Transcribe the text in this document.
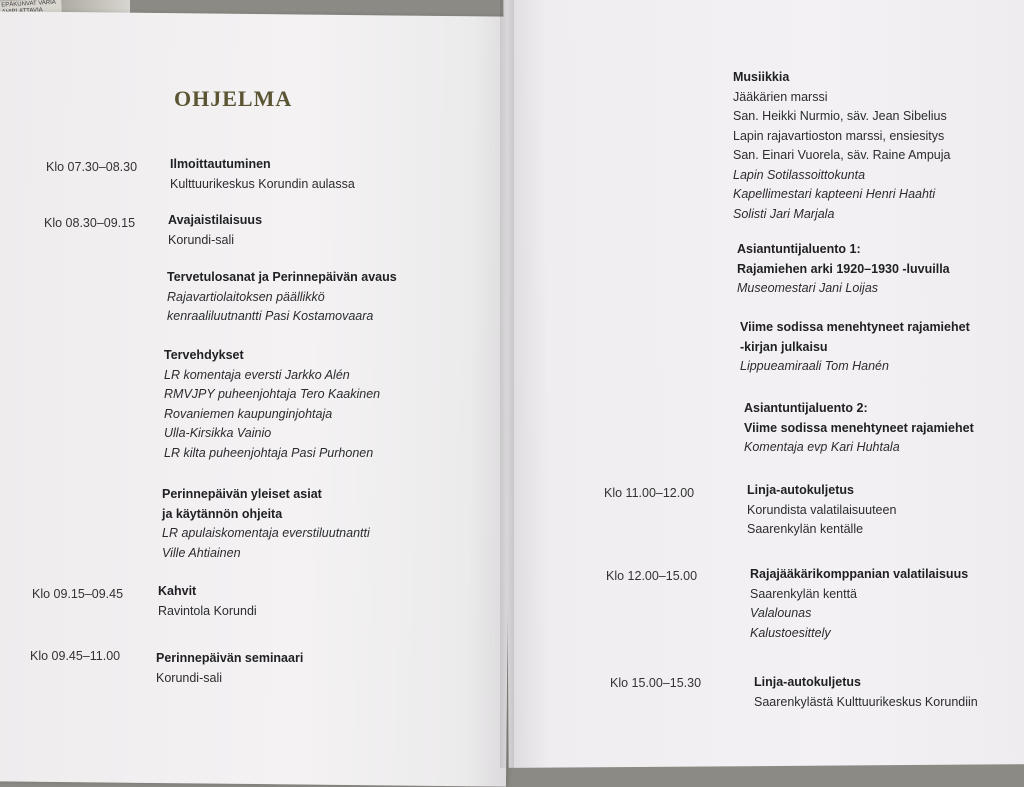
EPÄKUNVAT VARIA
OHJELMA
Klo 07.30–08.30	Ilmoittautuminen
Kulttuurikeskus Korundin aulassa
Klo 08.30–09.15	Avajaistilaisuus
Korundi-sali
Tervetulosanat ja Perinnepäivän avaus
Rajavartiolaitoksen päällikkö
kenraaliluutnantti Pasi Kostamovaara
Tervehdykset
LR komentaja eversti Jarkko Alén
RMVJPY puheenjohtaja Tero Kaakinen
Rovaniemen kaupunginjohtaja
Ulla-Kirsikka Vainio
LR kilta puheenjohtaja Pasi Purhonen
Perinnepäivän yleiset asiat
ja käytännön ohjeita
LR apulaiskomentaja everstiluutnantti
Ville Ahtiainen
Klo 09.15–09.45	Kahvit
Ravintola Korundi
Klo 09.45–11.00	Perinnepäivän seminaari
Korundi-sali
Musiikkia
Jääkärien marssi
San. Heikki Nurmio, säv. Jean Sibelius
Lapin rajavartioston marssi, ensiesitys
San. Einari Vuorela, säv. Raine Ampuja
Lapin Sotilassoittokunta
Kapellimestari kapteeni Henri Haahti
Solisti Jari Marjala
Asiantuntijaluento 1:
Rajamiehen arki 1920–1930 -luvuilla
Museomestari Jani Loijas
Viime sodissa menehtyneet rajamiehet
-kirjan julkaisu
Lippueamiraali Tom Hanén
Asiantuntijaluento 2:
Viime sodissa menehtyneet rajamiehet
Komentaja evp Kari Huhtala
Klo 11.00–12.00	Linja-autokuljetus
Korundista valatilaisuuteen
Saarenkylän kentälle
Klo 12.00–15.00	Rajajääkärikomppanian valatilaisuus
Saarenkylän kenttä
Valalounas
Kalustoesittely
Klo 15.00–15.30	Linja-autokuljetus
Saarenkylästä Kulttuurikeskus Korundiin
